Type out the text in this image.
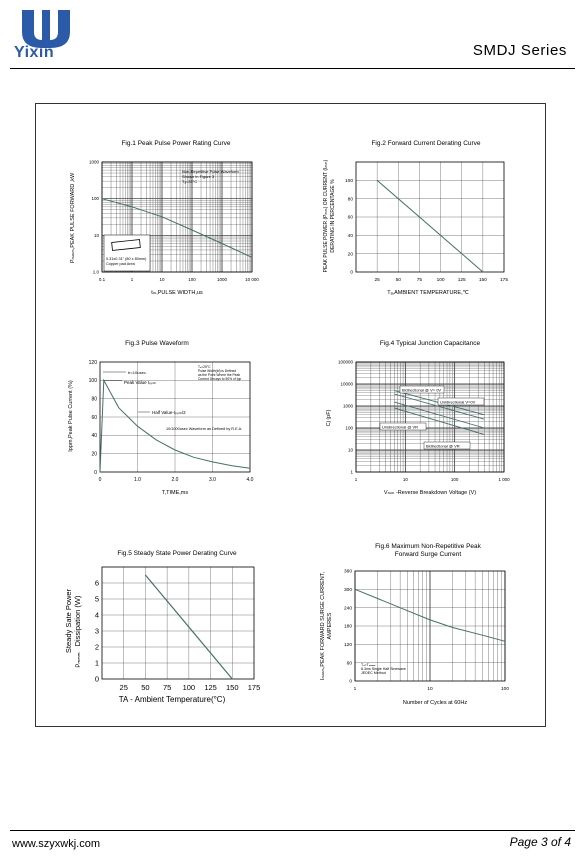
Yixin	SMDJ Series
Fig.1 Peak Pulse Power Rating Curve
0.1	1	10	100	1000	10 000
1000
100
10
1.0
Non-Repetitive Pulse Waveform
Shown in Figure 3
Tₐ=25°C
0.31x0.31" (80 x 80mm)
Copper pad Area
tₘ,PULSE WIDTH,us
Pₘₘₘ,PEAK PULSE FORWARD ,kW
Fig.2 Forward Current Derating Curve
25	50	75	100	125	150	175
0
20
40
60
80
100
Tₐ,AMBIENT TEMPERATURE,℃
PEAK PULSE POWER (Pₘₘ) OR CURRENT (Iₘₘ) DERATING IN PERCENTAGE %
Fig.3 Pulse Waveform
0	1.0	2.0	3.0	4.0
0
20
40
60
80
100
120
tr=10usec.
Peak Value Iₚₚₘ
Half Value-Iₚₚₘ/2
10/1000usec Waveform as Defined by R.E.A.
Tₐ=25°C
Pulse Width(td) is Defined
as the Point Where the Peak
Current Decays to 50% of Ipp
T,TIME,ms
Ippm,Peak Pulse Current (%)
Fig.4 Typical Junction Capacitance
1	10	100	1 000
100000
10000
1000
100
10
1
Bidirectional @ V= 0V
Unidirectional V=0V
Unidirectional @ VR
Bidirectional @ VR
Vₘₘ -Reverse Breakdown Voltage (V)
Cj (pF)
Fig.5 Steady State Power Derating Curve
25 50 75 100 125 150 175
0
1
2
3
4
5
6
TA - Ambient Temperature(°C)
Steady Sate Power Dissipation (W)
Pₘₘₘ
Fig.6 Maximum Non-Repetitive Peak
Forward Surge Current
1	10	100
360
300
240
180
120
60
0
Tₐ=Tₘₘₘ
8.3ms Single Half Sinewave
JEDEC Method
Number of Cycles at 60Hz
Iₘₘₘ,PEAK FORWARD SURGE CURRENT, AMPERES
www.szyxwkj.com	Page 3 of 4
